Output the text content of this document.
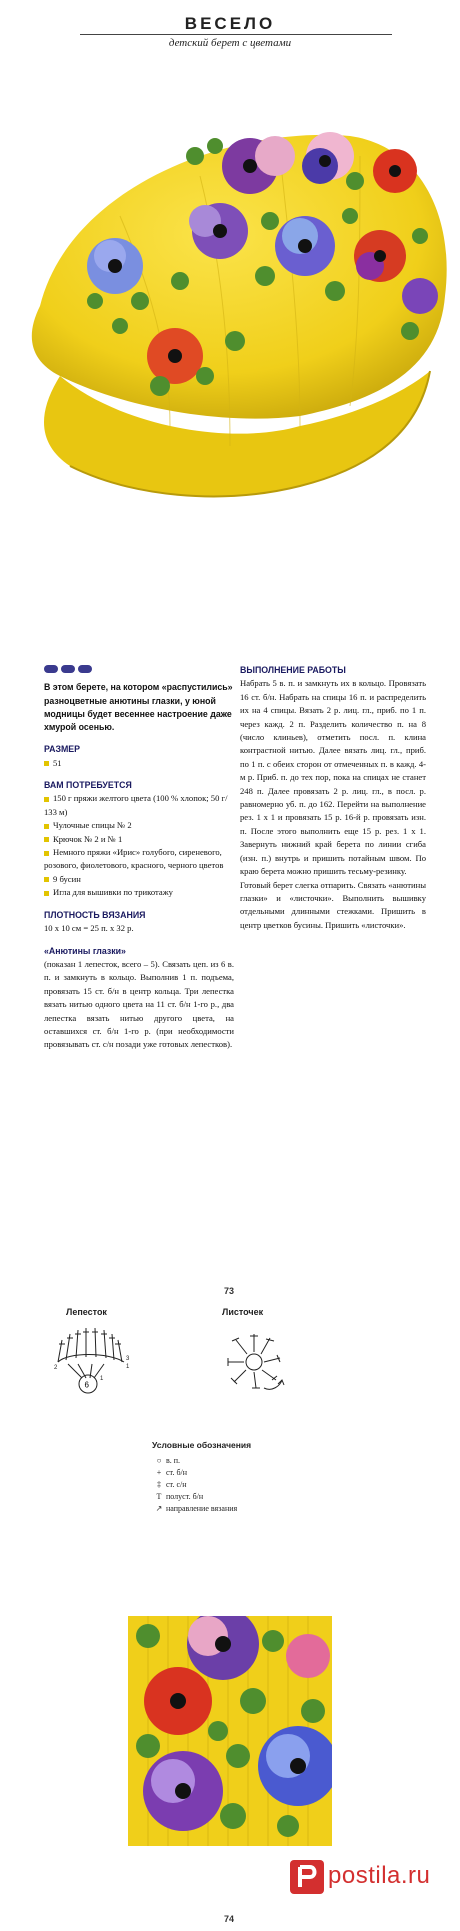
ВЕСЕЛО
детский берет с цветами
В этом берете, на котором «распустились» разноцветные анютины глазки, у юной модницы будет весеннее настроение даже хмурой осенью.
РАЗМЕР
51
ВАМ ПОТРЕБУЕТСЯ
150 г пряжи желтого цвета (100 % хлопок; 50 г/ 133 м)
Чулочные спицы № 2
Крючок № 2 и № 1
Немного пряжи «Ирис» голубого, сиреневого, розового, фиолетового, красного, черного цветов
9 бусин
Игла для вышивки по трикотажу
ПЛОТНОСТЬ ВЯЗАНИЯ
10 х 10 см = 25 п. х 32 р.
«Анютины глазки»
(показан 1 лепесток, всего – 5). Связать цеп. из 6 в. п. и замкнуть в кольцо. Выполнив 1 п. подъема, провязать 15 ст. б/н в центр кольца. Три лепестка вязать нитью одного цвета на 11 ст. б/н 1-го р., два лепестка вязать нитью другого цвета, на оставшихся ст. б/н 1-го р. (при необходимости провязывать ст. с/н позади уже готовых лепестков).
ВЫПОЛНЕНИЕ РАБОТЫ
Набрать 5 в. п. и замкнуть их в кольцо. Провязать 16 ст. б/н. Набрать на спицы 16 п. и распределить их на 4 спицы. Вязать 2 р. лиц. гл., приб. по 1 п. через кажд. 2 п. Разделить количество п. на 8 (число клиньев), отметить посл. п. клина контрастной нитью. Далее вязать лиц. гл., приб. по 1 п. с обеих сторон от отмеченных п. в кажд. 4-м р. Приб. п. до тех пор, пока на спицах не станет 248 п. Далее провязать 2 р. лиц. гл., в посл. р. равномерно уб. п. до 162. Перейти на выполнение рез. 1 х 1 и провязать 15 р. 16-й р. провязать изн. п. После этого выполнить еще 15 р. рез. 1 х 1. Завернуть нижний край берета по линии сгиба (изн. п.) внутрь и пришить потайным швом. По краю берета можно пришить тесьму-резинку.
Готовый берет слегка отпарить. Связать «анютины глазки» и «листочки». Выполнить вышивку отдельными длинными стежками. Пришить в центр цветков бусины. Пришить «листочки».
73
Лепесток	Листочек
6
2
1
3
1
Условные обозначения
○ в. п.
+ ст. б/н
‡ ст. с/н
T полуст. б/н
↗ направление вязания
74
postila.ru
